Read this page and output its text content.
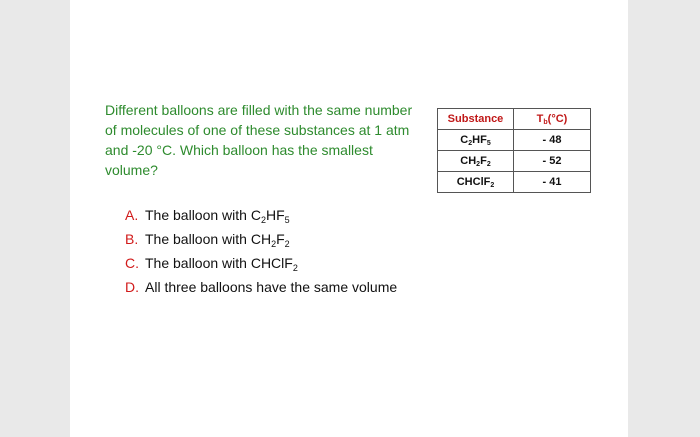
Different balloons are filled with the same number of molecules of one of these substances at 1 atm and -20 °C. Which balloon has the smallest volume?
Substance	$T_b(^\circ C)$
$C_2HF_5$	- 48
$CH_2F_2$	- 52
CHClF$_2$	- 41
A. The balloon with $C_2HF_5$
B. The balloon with $CH_2F_2$
C. The balloon with CHClF$_2$
D. All three balloons have the same volume
